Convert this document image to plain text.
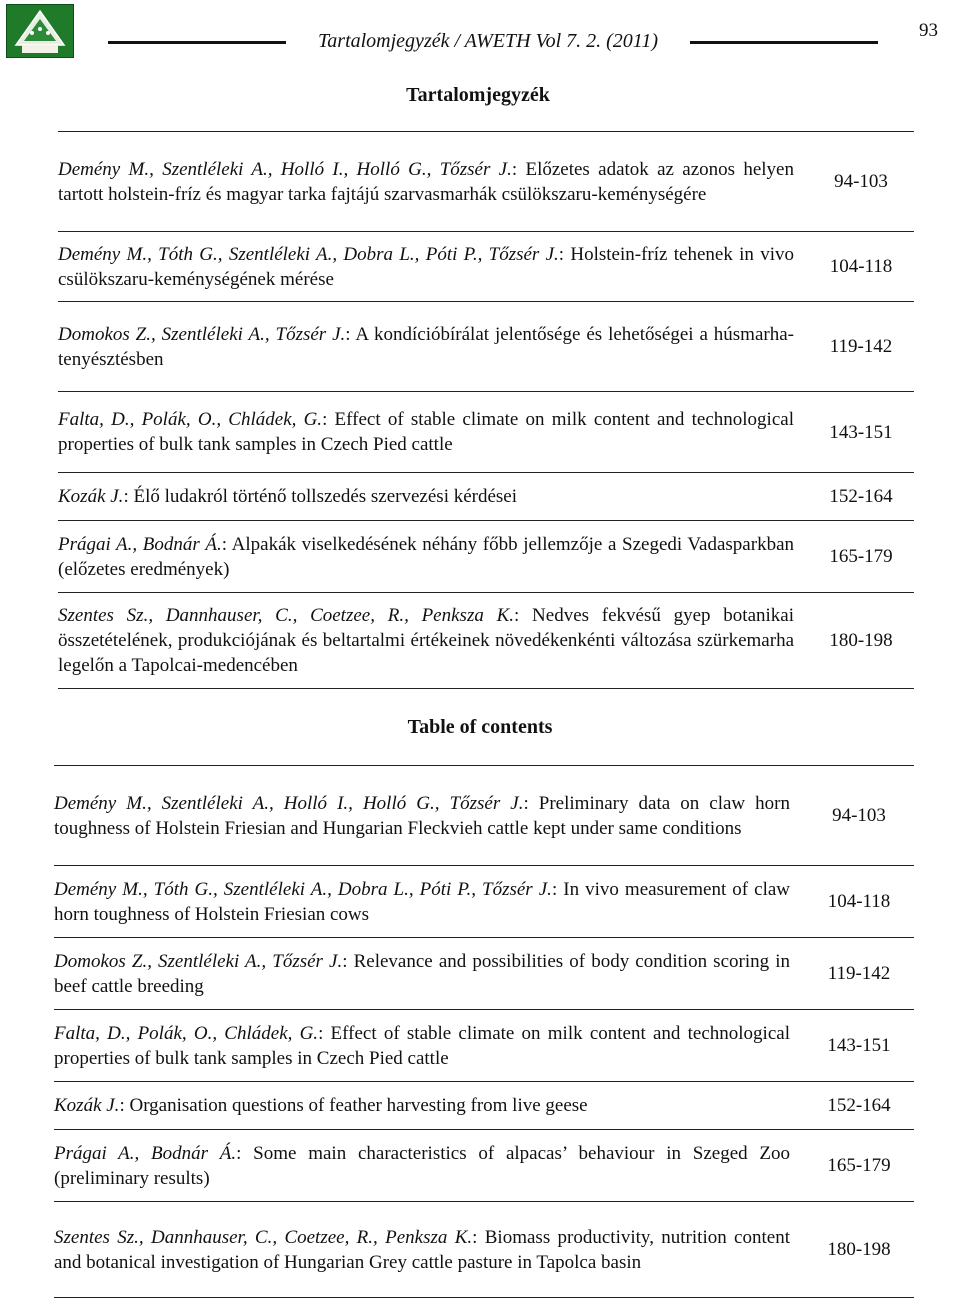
Tartalomjegyzék / AWETH Vol 7. 2. (2011)	93
Tartalomjegyzék
Demény M., Szentléleki A., Holló I., Holló G., Tőzsér J.: Előzetes adatok az azonos helyen tartott holstein-fríz és magyar tarka fajtájú szarvasmarhák csülökszaru-keménységére	94-103
Demény M., Tóth G., Szentléleki A., Dobra L., Póti P., Tőzsér J.: Holstein-fríz tehenek in vivo csülökszaru-keménységének mérése	104-118
Domokos Z., Szentléleki A., Tőzsér J.: A kondícióbírálat jelentősége és lehetőségei a húsmarha-tenyésztésben	119-142
Falta, D., Polák, O., Chládek, G.: Effect of stable climate on milk content and technological properties of bulk tank samples in Czech Pied cattle	143-151
Kozák J.: Élő ludakról történő tollszedés szervezési kérdései	152-164
Prágai A., Bodnár Á.: Alpakák viselkedésének néhány főbb jellemzője a Szegedi Vadasparkban (előzetes eredmények)	165-179
Szentes Sz., Dannhauser, C., Coetzee, R., Penksza K.: Nedves fekvésű gyep botanikai összetételének, produkciójának és beltartalmi értékeinek növedékenkénti változása szürkemarha legelőn a Tapolcai-medencében	180-198
Table of contents
Demény M., Szentléleki A., Holló I., Holló G., Tőzsér J.: Preliminary data on claw horn toughness of Holstein Friesian and Hungarian Fleckvieh cattle kept under same conditions	94-103
Demény M., Tóth G., Szentléleki A., Dobra L., Póti P., Tőzsér J.: In vivo measurement of claw horn toughness of Holstein Friesian cows	104-118
Domokos Z., Szentléleki A., Tőzsér J.: Relevance and possibilities of body condition scoring in beef cattle breeding	119-142
Falta, D., Polák, O., Chládek, G.: Effect of stable climate on milk content and technological properties of bulk tank samples in Czech Pied cattle	143-151
Kozák J.: Organisation questions of feather harvesting from live geese	152-164
Prágai A., Bodnár Á.: Some main characteristics of alpacas’ behaviour in Szeged Zoo (preliminary results)	165-179
Szentes Sz., Dannhauser, C., Coetzee, R., Penksza K.: Biomass productivity, nutrition content and botanical investigation of Hungarian Grey cattle pasture in Tapolca basin	180-198
